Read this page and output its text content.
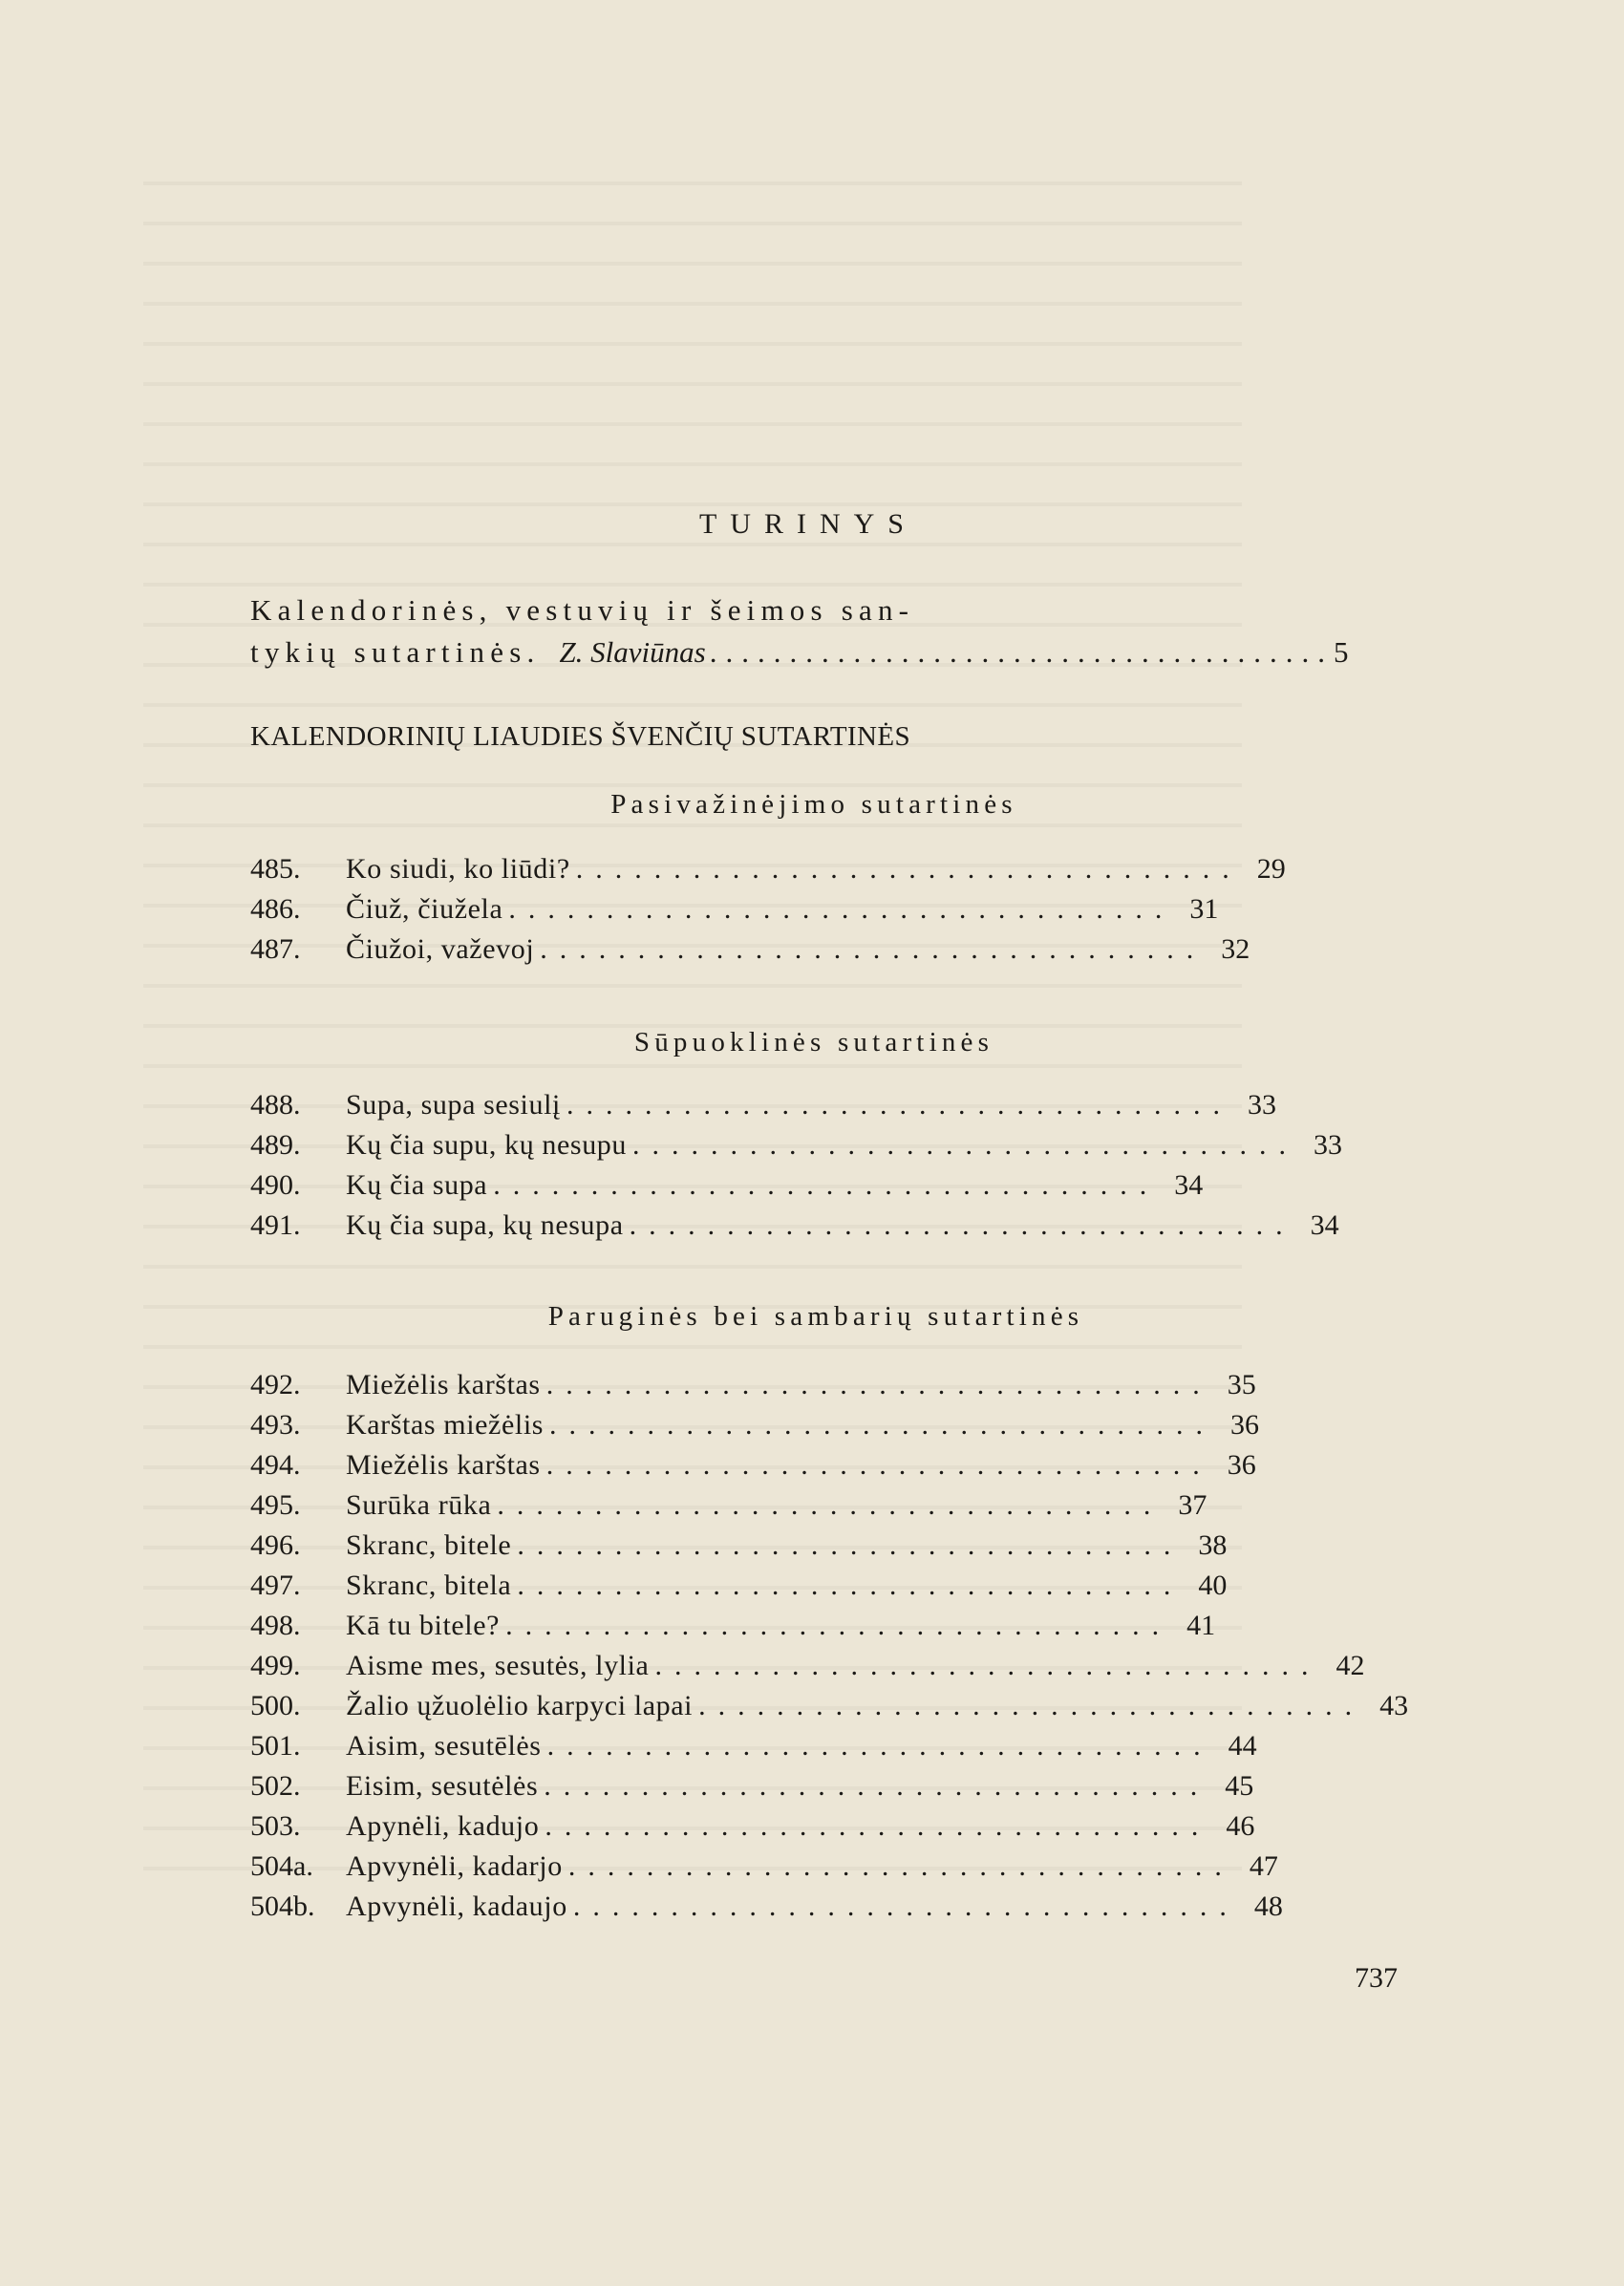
TURINYS
Kalendorinės, vestuvių ir šeimos san-
tykių sutartinės. Z. Slaviūnas ....................................... 5
KALENDORINIŲ LIAUDIES ŠVENČIŲ SUTARTINĖS
Pasivažinėjimo sutartinės
485.	Ko siudi, ko liūdi? .................................. 29
486.	Čiuž, čiužela .................................. 31
487.	Čiužoi, važevoj .................................. 32
Sūpuoklinės sutartinės
488.	Supa, supa sesiulį .................................. 33
489.	Kų čia supu, kų nesupu .................................. 33
490.	Kų čia supa .................................. 34
491.	Kų čia supa, kų nesupa .................................. 34
Paruginės bei sambarių sutartinės
492.	Miežėlis karštas .................................. 35
493.	Karštas miežėlis .................................. 36
494.	Miežėlis karštas .................................. 36
495.	Surūka rūka .................................. 37
496.	Skranc, bitele .................................. 38
497.	Skranc, bitela .................................. 40
498.	Kā tu bitele? .................................. 41
499.	Aisme mes, sesutės, lylia .................................. 42
500.	Žalio ųžuolėlio karpyci lapai .................................. 43
501.	Aisim, sesutēlės .................................. 44
502.	Eisim, sesutėlės .................................. 45
503.	Apynėli, kadujo .................................. 46
504a.	Apvynėli, kadarjo .................................. 47
504b.	Apvynėli, kadaujo .................................. 48
737
